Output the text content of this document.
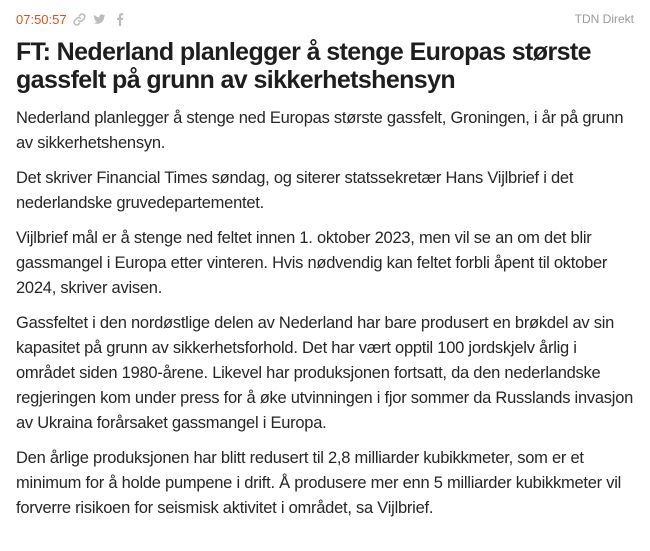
07:50:57	TDN Direkt
FT: Nederland planlegger å stenge Europas største gassfelt på grunn av sikkerhetshensyn

Nederland planlegger å stenge ned Europas største gassfelt, Groningen, i år på grunn av sikkerhetshensyn.

Det skriver Financial Times søndag, og siterer statssekretær Hans Vijlbrief i det nederlandske gruvedepartementet.

Vijlbrief mål er å stenge ned feltet innen 1. oktober 2023, men vil se an om det blir gassmangel i Europa etter vinteren. Hvis nødvendig kan feltet forbli åpent til oktober 2024, skriver avisen.

Gassfeltet i den nordøstlige delen av Nederland har bare produsert en brøkdel av sin kapasitet på grunn av sikkerhetsforhold. Det har vært opptil 100 jordskjelv årlig i området siden 1980-årene. Likevel har produksjonen fortsatt, da den nederlandske regjeringen kom under press for å øke utvinningen i fjor sommer da Russlands invasjon av Ukraina forårsaket gassmangel i Europa.

Den årlige produksjonen har blitt redusert til 2,8 milliarder kubikkmeter, som er et minimum for å holde pumpene i drift. Å produsere mer enn 5 milliarder kubikkmeter vil forverre risikoen for seismisk aktivitet i området, sa Vijlbrief.
